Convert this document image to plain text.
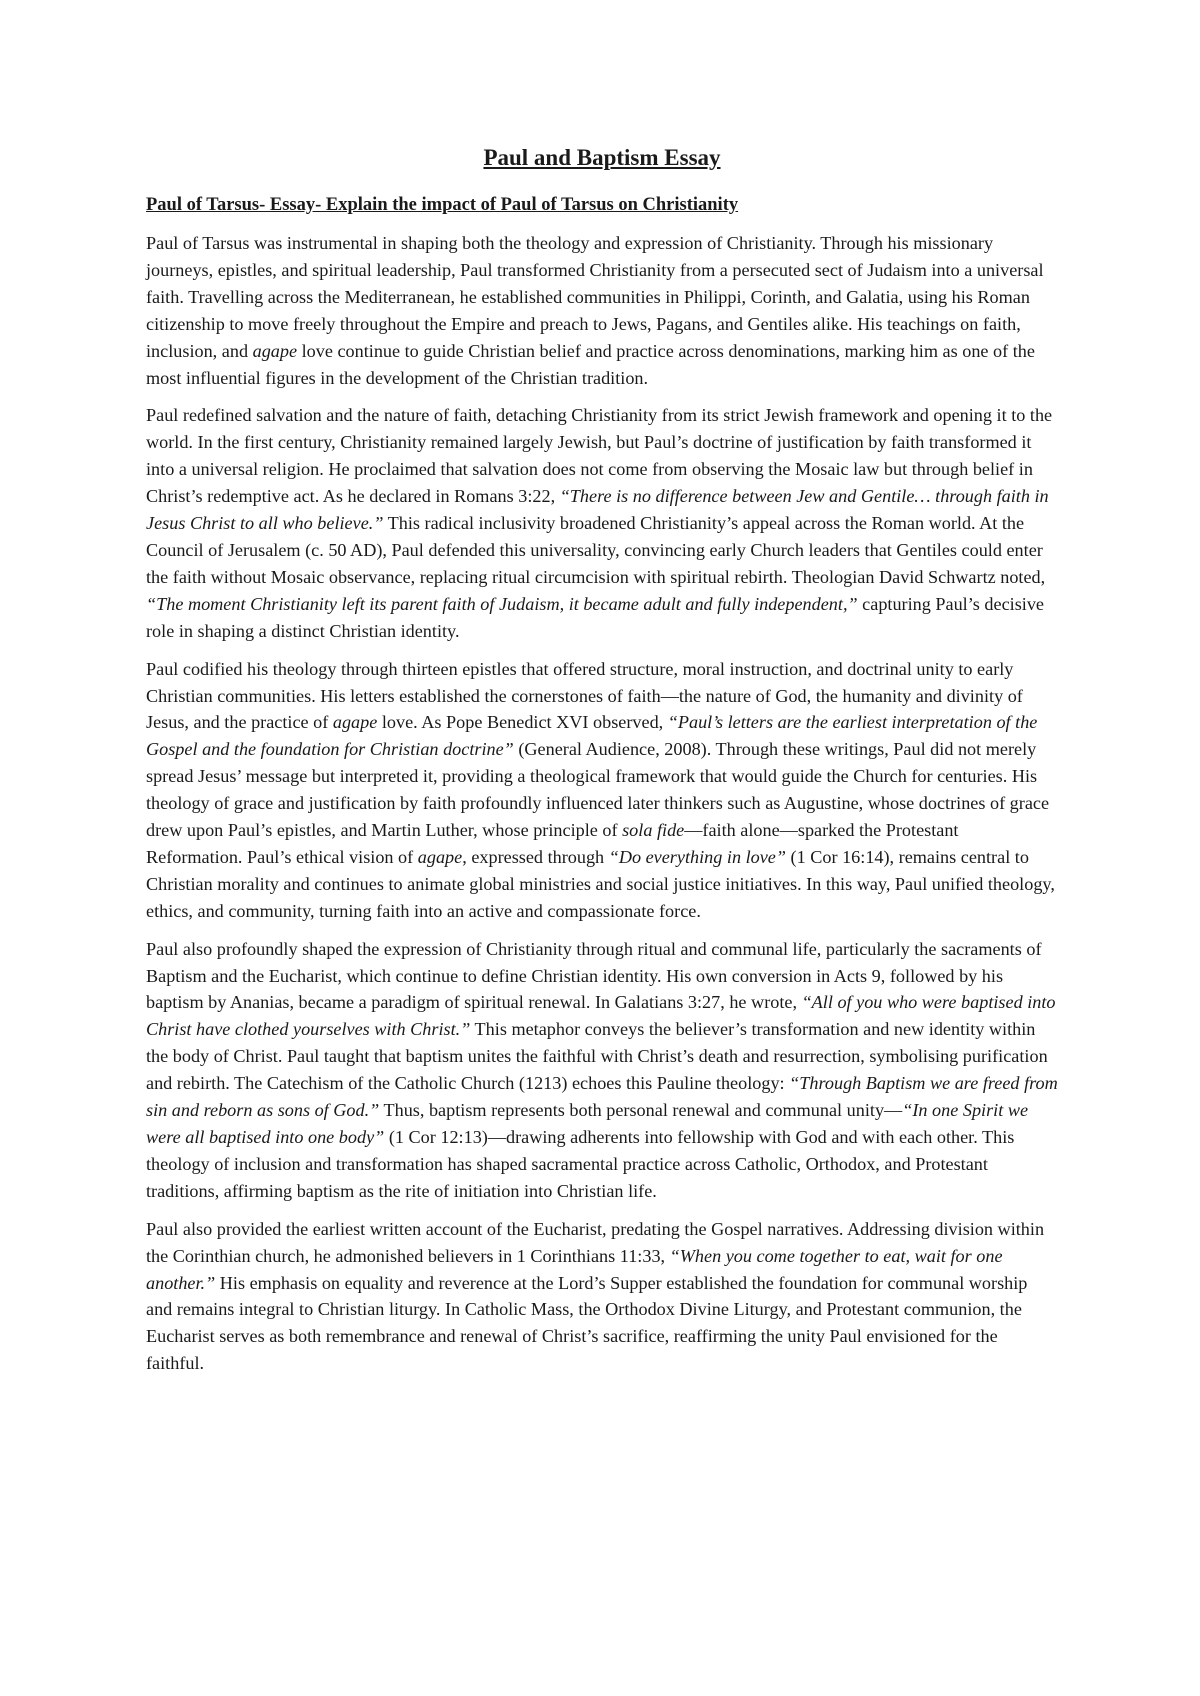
Paul and Baptism Essay
Paul of Tarsus- Essay- Explain the impact of Paul of Tarsus on Christianity

Paul of Tarsus was instrumental in shaping both the theology and expression of Christianity. Through his missionary journeys, epistles, and spiritual leadership, Paul transformed Christianity from a persecuted sect of Judaism into a universal faith. Travelling across the Mediterranean, he established communities in Philippi, Corinth, and Galatia, using his Roman citizenship to move freely throughout the Empire and preach to Jews, Pagans, and Gentiles alike. His teachings on faith, inclusion, and agape love continue to guide Christian belief and practice across denominations, marking him as one of the most influential figures in the development of the Christian tradition.

Paul redefined salvation and the nature of faith, detaching Christianity from its strict Jewish framework and opening it to the world. In the first century, Christianity remained largely Jewish, but Paul’s doctrine of justification by faith transformed it into a universal religion. He proclaimed that salvation does not come from observing the Mosaic law but through belief in Christ’s redemptive act. As he declared in Romans 3:22, “There is no difference between Jew and Gentile… through faith in Jesus Christ to all who believe.” This radical inclusivity broadened Christianity’s appeal across the Roman world. At the Council of Jerusalem (c. 50 AD), Paul defended this universality, convincing early Church leaders that Gentiles could enter the faith without Mosaic observance, replacing ritual circumcision with spiritual rebirth. Theologian David Schwartz noted, “The moment Christianity left its parent faith of Judaism, it became adult and fully independent,” capturing Paul’s decisive role in shaping a distinct Christian identity.

Paul codified his theology through thirteen epistles that offered structure, moral instruction, and doctrinal unity to early Christian communities. His letters established the cornerstones of faith—the nature of God, the humanity and divinity of Jesus, and the practice of agape love. As Pope Benedict XVI observed, “Paul’s letters are the earliest interpretation of the Gospel and the foundation for Christian doctrine” (General Audience, 2008). Through these writings, Paul did not merely spread Jesus’ message but interpreted it, providing a theological framework that would guide the Church for centuries. His theology of grace and justification by faith profoundly influenced later thinkers such as Augustine, whose doctrines of grace drew upon Paul’s epistles, and Martin Luther, whose principle of sola fide—faith alone—sparked the Protestant Reformation. Paul’s ethical vision of agape, expressed through “Do everything in love” (1 Cor 16:14), remains central to Christian morality and continues to animate global ministries and social justice initiatives. In this way, Paul unified theology, ethics, and community, turning faith into an active and compassionate force.

Paul also profoundly shaped the expression of Christianity through ritual and communal life, particularly the sacraments of Baptism and the Eucharist, which continue to define Christian identity. His own conversion in Acts 9, followed by his baptism by Ananias, became a paradigm of spiritual renewal. In Galatians 3:27, he wrote, “All of you who were baptised into Christ have clothed yourselves with Christ.” This metaphor conveys the believer’s transformation and new identity within the body of Christ. Paul taught that baptism unites the faithful with Christ’s death and resurrection, symbolising purification and rebirth. The Catechism of the Catholic Church (1213) echoes this Pauline theology: “Through Baptism we are freed from sin and reborn as sons of God.” Thus, baptism represents both personal renewal and communal unity—“In one Spirit we were all baptised into one body” (1 Cor 12:13)—drawing adherents into fellowship with God and with each other. This theology of inclusion and transformation has shaped sacramental practice across Catholic, Orthodox, and Protestant traditions, affirming baptism as the rite of initiation into Christian life.

Paul also provided the earliest written account of the Eucharist, predating the Gospel narratives. Addressing division within the Corinthian church, he admonished believers in 1 Corinthians 11:33, “When you come together to eat, wait for one another.” His emphasis on equality and reverence at the Lord’s Supper established the foundation for communal worship and remains integral to Christian liturgy. In Catholic Mass, the Orthodox Divine Liturgy, and Protestant communion, the Eucharist serves as both remembrance and renewal of Christ’s sacrifice, reaffirming the unity Paul envisioned for the faithful.
